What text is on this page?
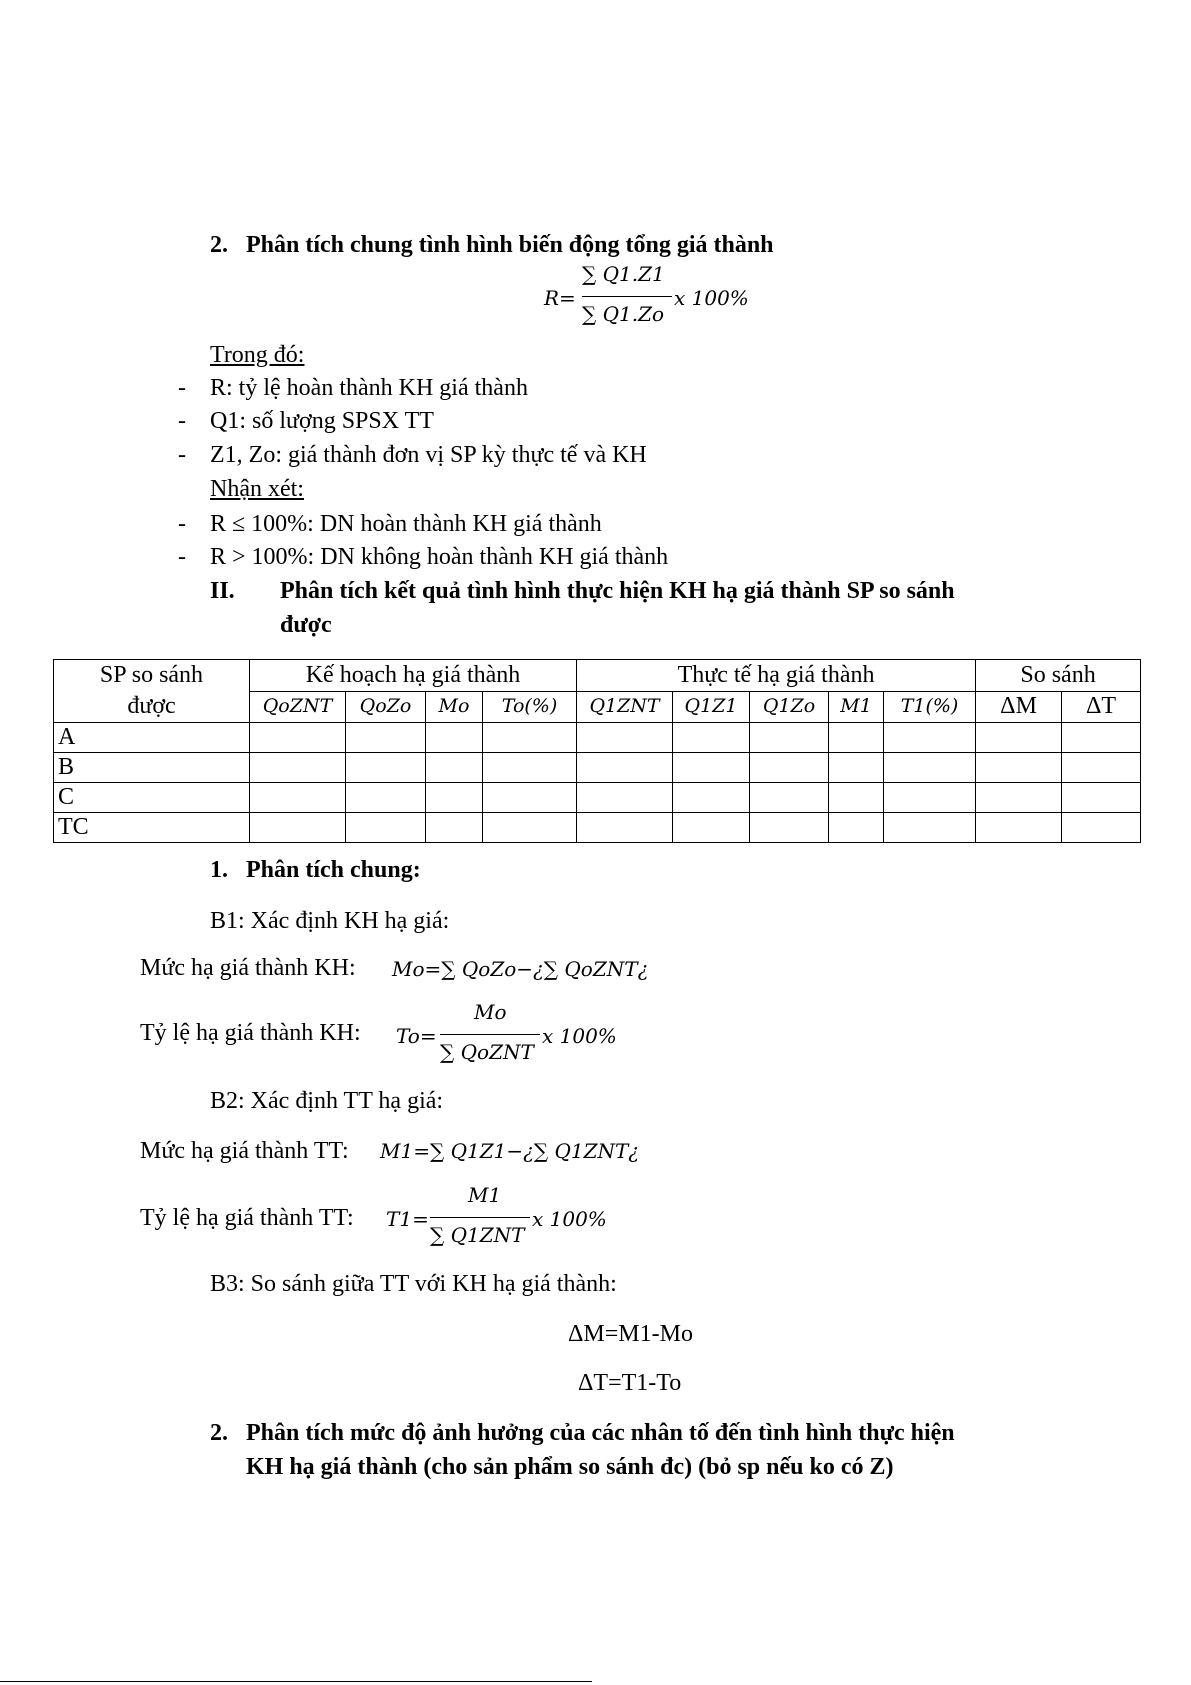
2. Phân tích chung tình hình biến động tổng giá thành
R=
∑ Q1.Z1
∑ Q1.Zo
x 100%
Trong đó:
- R: tỷ lệ hoàn thành KH giá thành
- Q1: số lượng SPSX TT
- Z1, Zo: giá thành đơn vị SP kỳ thực tế và KH
Nhận xét:
- R ≤ 100%: DN hoàn thành KH giá thành
- R > 100%: DN không hoàn thành KH giá thành
II. Phân tích kết quả tình hình thực hiện KH hạ giá thành SP so sánh
được
SP so sánh
được	Kế hoạch hạ giá thành				Thực tế hạ giá thành					So sánh	
	QoZNT	QoZo	Mo	To(%)	Q1ZNT	Q1Z1	Q1Zo	M1	T1(%)	ΔM	ΔT
A											
B											
C											
TC											
1. Phân tích chung:
B1: Xác định KH hạ giá:
Mức hạ giá thành KH: Mo=∑ QoZo−¿∑ QoZNT¿
Tỷ lệ hạ giá thành KH: To=
Mo
∑ QoZNT
x 100%
B2: Xác định TT hạ giá:
Mức hạ giá thành TT: M1=∑ Q1Z1−¿∑ Q1ZNT¿
Tỷ lệ hạ giá thành TT: T1=
M1
∑ Q1ZNT
x 100%
B3: So sánh giữa TT với KH hạ giá thành:
ΔM=M1-Mo
ΔT=T1-To
2. Phân tích mức độ ảnh hưởng của các nhân tố đến tình hình thực hiện
KH hạ giá thành (cho sản phẩm so sánh đc) (bỏ sp nếu ko có Z)
